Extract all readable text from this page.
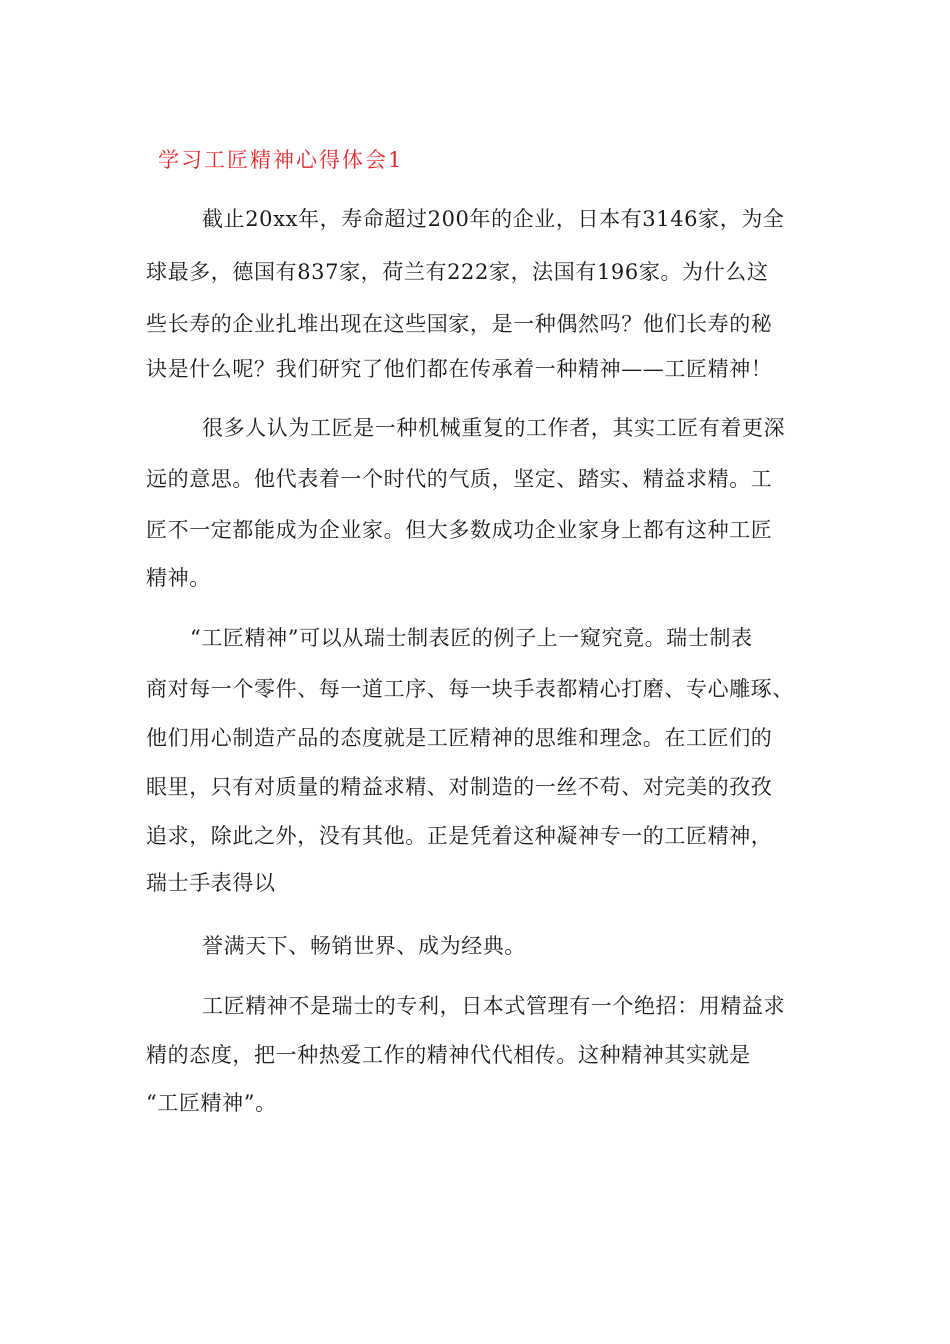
学习工匠精神心得体会1

截止20xx年，寿命超过200年的企业，日本有3146家，为全

球最多，德国有837家，荷兰有222家，法国有196家。为什么这

些长寿的企业扎堆出现在这些国家，是一种偶然吗？他们长寿的秘

诀是什么呢？我们研究了他们都在传承着一种精神——工匠精神！

很多人认为工匠是一种机械重复的工作者，其实工匠有着更深

远的意思。他代表着一个时代的气质，坚定、踏实、精益求精。工

匠不一定都能成为企业家。但大多数成功企业家身上都有这种工匠

精神。

“工匠精神”可以从瑞士制表匠的例子上一窥究竟。瑞士制表

商对每一个零件、每一道工序、每一块手表都精心打磨、专心雕琢、

他们用心制造产品的态度就是工匠精神的思维和理念。在工匠们的

眼里，只有对质量的精益求精、对制造的一丝不苟、对完美的孜孜

追求，除此之外，没有其他。正是凭着这种凝神专一的工匠精神，

瑞士手表得以

誉满天下、畅销世界、成为经典。

工匠精神不是瑞士的专利，日本式管理有一个绝招：用精益求

精的态度，把一种热爱工作的精神代代相传。这种精神其实就是

“工匠精神”。
